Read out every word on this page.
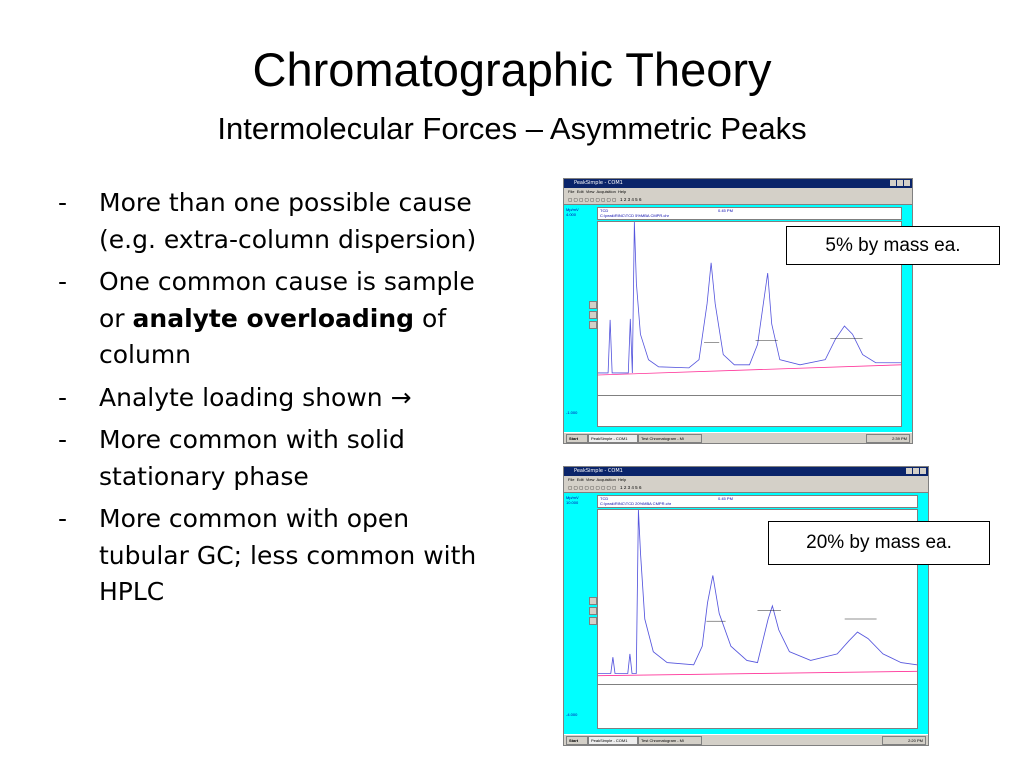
Chromatographic Theory
Intermolecular Forces – Asymmetric Peaks
- More than one possible cause (e.g. extra-column dispersion)
- One common cause is sample or analyte overloading of column
- Analyte loading shown →
- More common with solid stationary phase
- More common with open tubular GC; less common with HPLC
PeakSimple - COM1
File Edit View Acquisition Help
▢ ▢ ▢ ▢ ▢ ▢ ▢ ▢ ▢   1 2 3 4 5 6
Mp/mV
4.000
TCD
C:\peak\RINC\TCD 5%MBA CMPR.chr
0.45 PM
-1.000
Start	PeakSimple - COM1	Test Chromatogram - Mi	2:39 PM
PeakSimple - COM1
File Edit View Acquisition Help
▢ ▢ ▢ ▢ ▢ ▢ ▢ ▢ ▢   1 2 3 4 5 6
Mp/mV
10.000
TCD
C:\peak\RINC\TCD 20%MBA CMPR.chr
0.45 PM
-4.000
Start	PeakSimple - COM1	Test Chromatogram - Mi	2:20 PM
5% by mass ea.
20% by mass ea.
